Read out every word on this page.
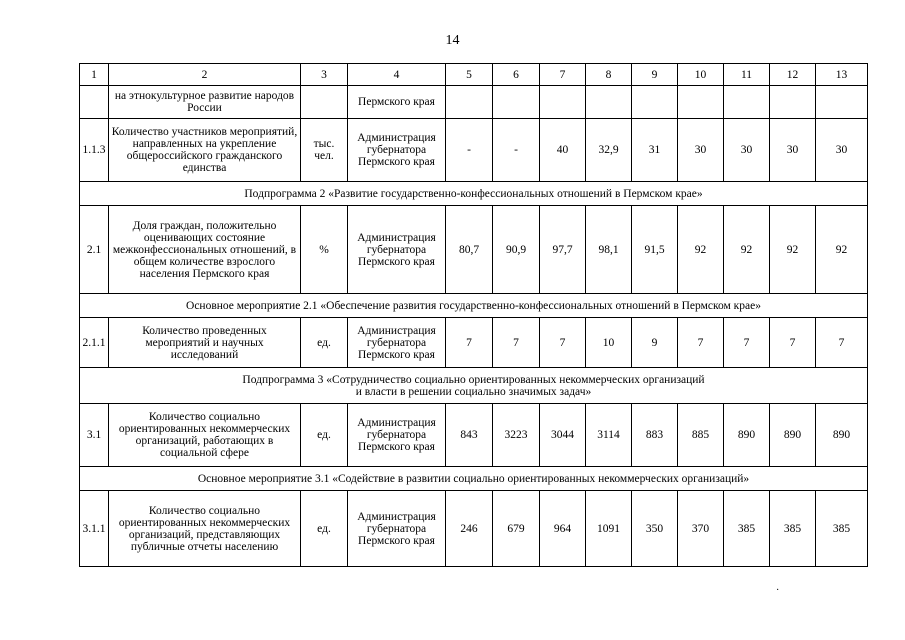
14
1	2	3	4	5	6	7	8	9	10	11	12	13
	на этнокультурное развитие народов России		Пермского края									
1.1.3	Количество участников мероприятий, направленных на укрепление общероссийского гражданского единства	тыс. чел.	Администрация губернатора Пермского края	-	-	40	32,9	31	30	30	30	30
Подпрограмма 2 «Развитие государственно-конфессиональных отношений в Пермском крае»												
2.1	Доля граждан, положительно оценивающих состояние межконфессиональных отношений, в общем количестве взрослого населения Пермского края	%	Администрация губернатора Пермского края	80,7	90,9	97,7	98,1	91,5	92	92	92	92
Основное мероприятие 2.1 «Обеспечение развития государственно-конфессиональных отношений в Пермском крае»												
2.1.1	Количество проведенных мероприятий и научных исследований	ед.	Администрация губернатора Пермского края	7	7	7	10	9	7	7	7	7

Подпрограмма 3 «Сотрудничество социально ориентированных некоммерческих организаций
и власти в решении социально значимых задач»												

3.1	Количество социально ориентированных некоммерческих организаций, работающих в социальной сфере	ед.	Администрация губернатора Пермского края	843	3223	3044	3114	883	885	890	890	890
Основное мероприятие 3.1 «Содействие в развитии социально ориентированных некоммерческих организаций»												
3.1.1	Количество социально ориентированных некоммерческих организаций, представляющих публичные отчеты населению	ед.	Администрация губернатора Пермского края	246	679	964	1091	350	370	385	385	385
·
